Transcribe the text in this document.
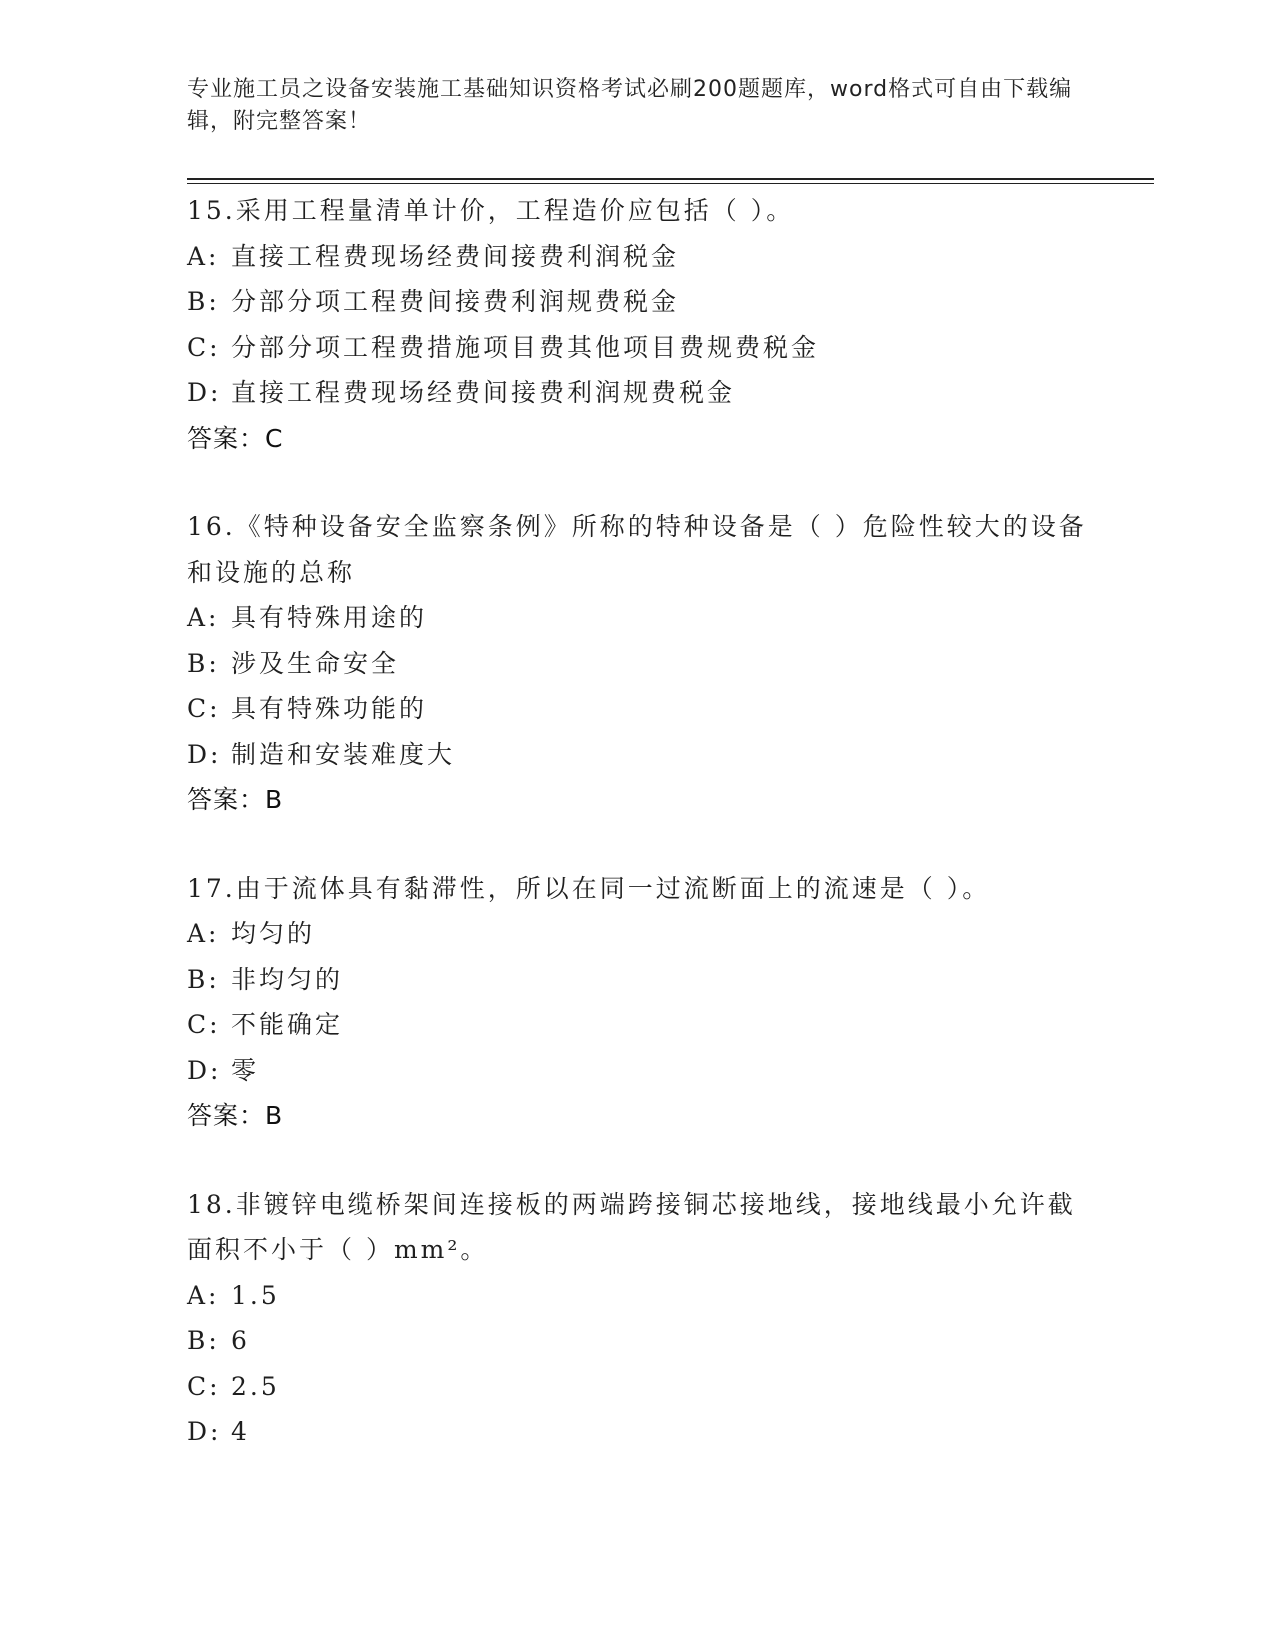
专业施工员之设备安装施工基础知识资格考试必刷200题题库，word格式可自由下载编辑，附完整答案！
15.采用工程量清单计价，工程造价应包括（ ）。
A: 直接工程费现场经费间接费利润税金
B: 分部分项工程费间接费利润规费税金
C: 分部分项工程费措施项目费其他项目费规费税金
D: 直接工程费现场经费间接费利润规费税金
答案：C
16.《特种设备安全监察条例》所称的特种设备是（ ）危险性较大的设备和设施的总称
A: 具有特殊用途的
B: 涉及生命安全
C: 具有特殊功能的
D: 制造和安装难度大
答案：B
17.由于流体具有黏滞性，所以在同一过流断面上的流速是（ ）。
A: 均匀的
B: 非均匀的
C: 不能确定
D: 零
答案：B
18.非镀锌电缆桥架间连接板的两端跨接铜芯接地线，接地线最小允许截面积不小于（ ）mm²。
A: 1.5
B: 6
C: 2.5
D: 4
